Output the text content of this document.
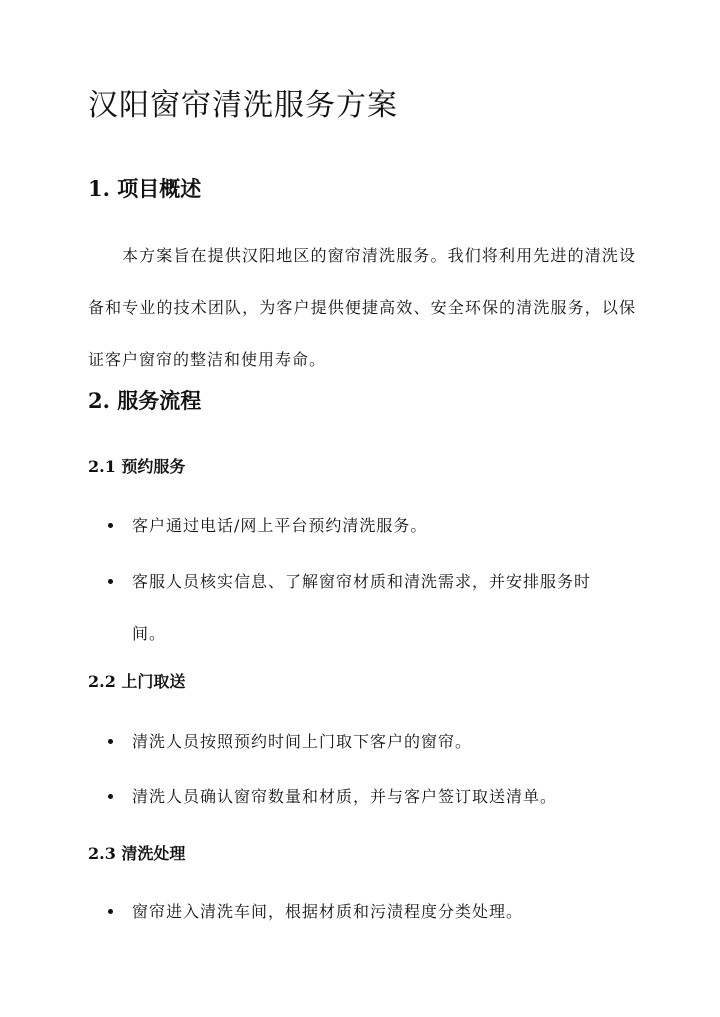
汉阳窗帘清洗服务方案
1. 项目概述
本方案旨在提供汉阳地区的窗帘清洗服务。我们将利用先进的清洗设备和专业的技术团队，为客户提供便捷高效、安全环保的清洗服务，以保证客户窗帘的整洁和使用寿命。
2. 服务流程
2.1 预约服务
客户通过电话/网上平台预约清洗服务。
客服人员核实信息、了解窗帘材质和清洗需求，并安排服务时间。
2.2 上门取送
清洗人员按照预约时间上门取下客户的窗帘。
清洗人员确认窗帘数量和材质，并与客户签订取送清单。
2.3 清洗处理
窗帘进入清洗车间，根据材质和污渍程度分类处理。
